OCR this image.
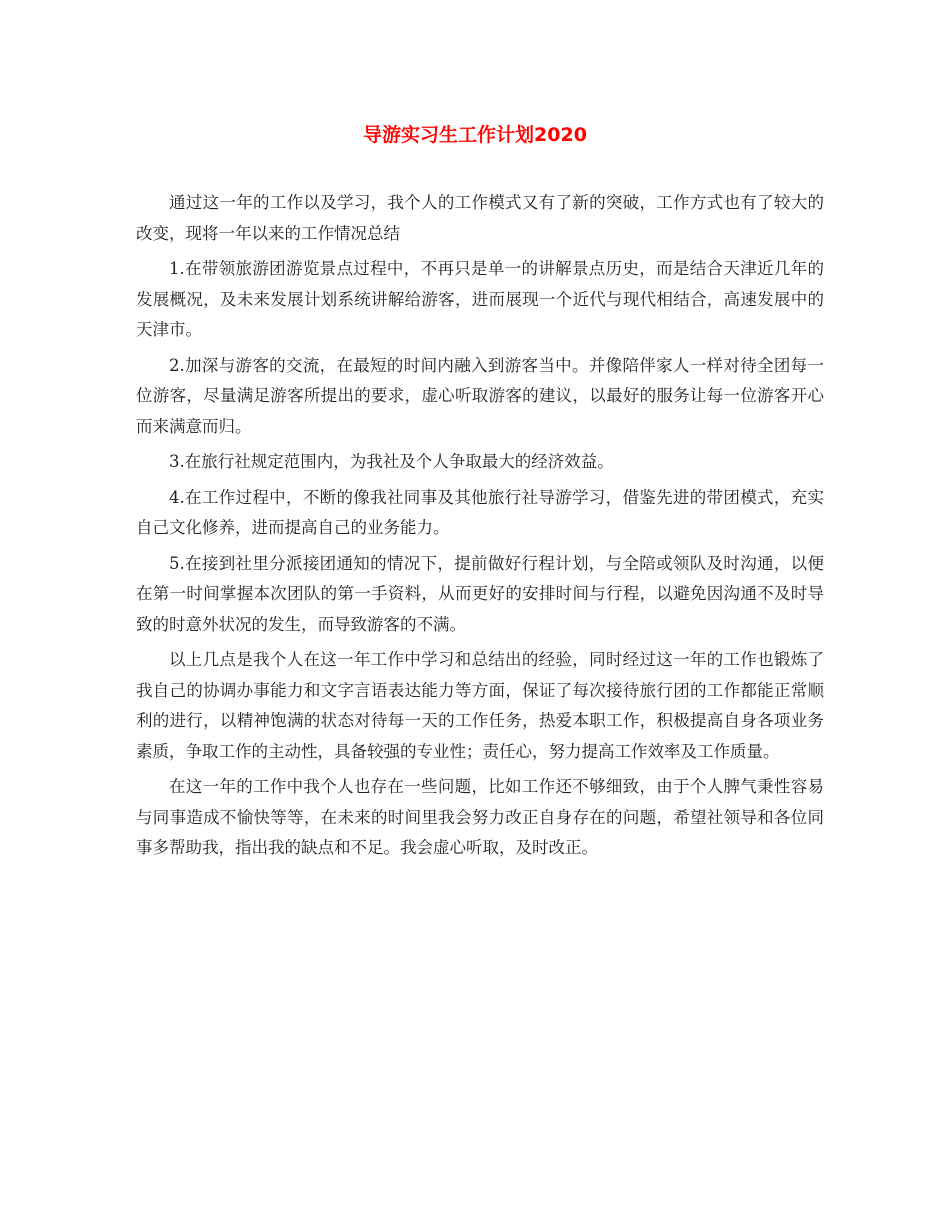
导游实习生工作计划2020

通过这一年的工作以及学习，我个人的工作模式又有了新的突破，工作方式也有了较大的改变，现将一年以来的工作情况总结

1.在带领旅游团游览景点过程中，不再只是单一的讲解景点历史，而是结合天津近几年的发展概况，及未来发展计划系统讲解给游客，进而展现一个近代与现代相结合，高速发展中的天津市。

2.加深与游客的交流，在最短的时间内融入到游客当中。并像陪伴家人一样对待全团每一位游客，尽量满足游客所提出的要求，虚心听取游客的建议，以最好的服务让每一位游客开心而来满意而归。

3.在旅行社规定范围内，为我社及个人争取最大的经济效益。

4.在工作过程中，不断的像我社同事及其他旅行社导游学习，借鉴先进的带团模式，充实自己文化修养，进而提高自己的业务能力。

5.在接到社里分派接团通知的情况下，提前做好行程计划，与全陪或领队及时沟通，以便在第一时间掌握本次团队的第一手资料，从而更好的安排时间与行程，以避免因沟通不及时导致的时意外状况的发生，而导致游客的不满。

以上几点是我个人在这一年工作中学习和总结出的经验，同时经过这一年的工作也锻炼了我自己的协调办事能力和文字言语表达能力等方面，保证了每次接待旅行团的工作都能正常顺利的进行，以精神饱满的状态对待每一天的工作任务，热爱本职工作，积极提高自身各项业务素质，争取工作的主动性，具备较强的专业性；责任心，努力提高工作效率及工作质量。

在这一年的工作中我个人也存在一些问题，比如工作还不够细致，由于个人脾气秉性容易与同事造成不愉快等等，在未来的时间里我会努力改正自身存在的问题，希望社领导和各位同事多帮助我，指出我的缺点和不足。我会虚心听取，及时改正。
